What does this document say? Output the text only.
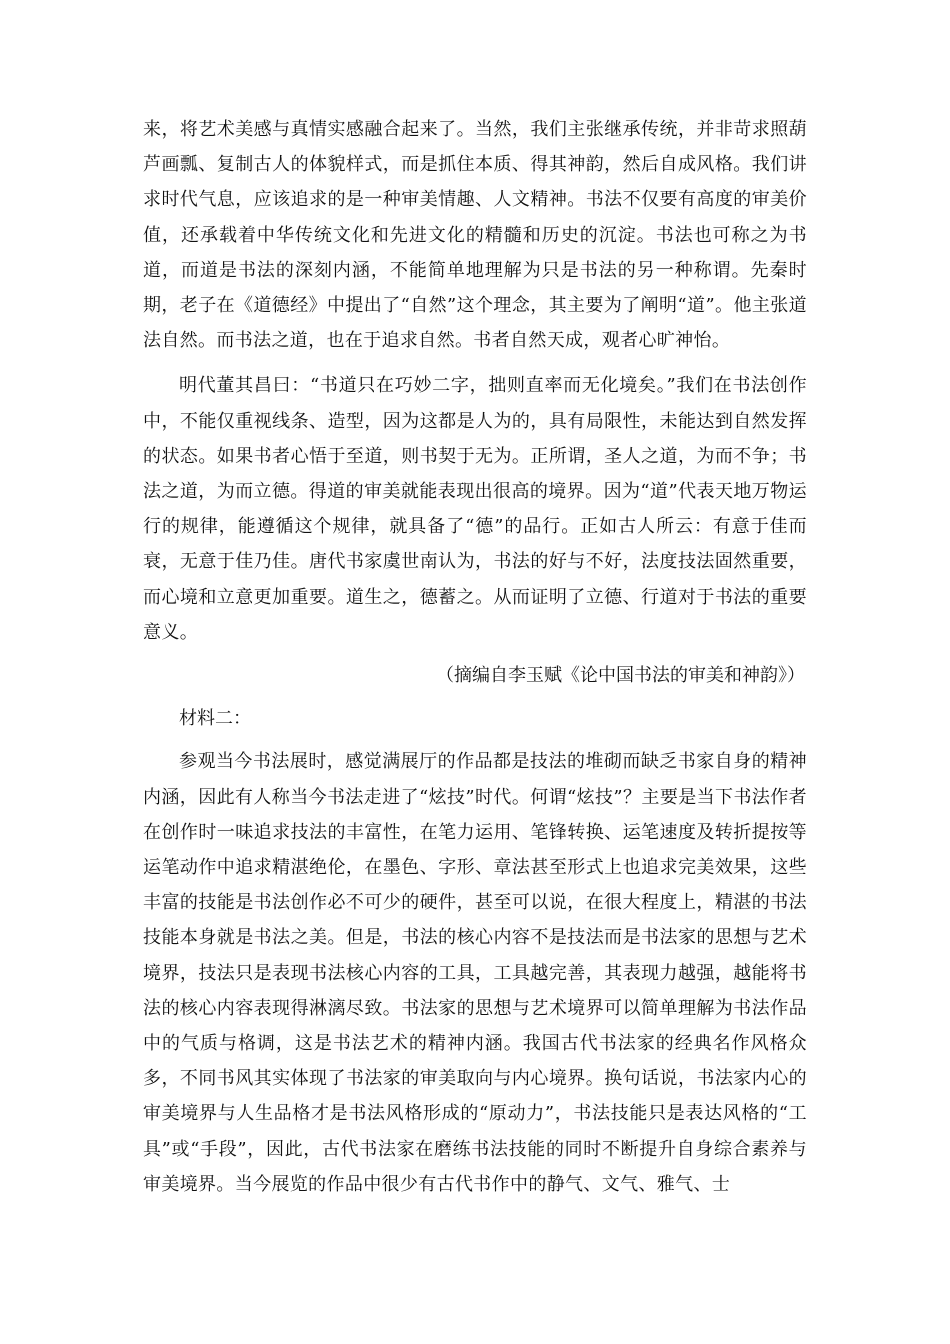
来，将艺术美感与真情实感融合起来了。当然，我们主张继承传统，并非苛求照葫芦画瓢、复制古人的体貌样式，而是抓住本质、得其神韵，然后自成风格。我们讲求时代气息，应该追求的是一种审美情趣、人文精神。书法不仅要有高度的审美价值，还承载着中华传统文化和先进文化的精髓和历史的沉淀。书法也可称之为书道，而道是书法的深刻内涵，不能简单地理解为只是书法的另一种称谓。先秦时期，老子在《道德经》中提出了“自然”这个理念，其主要为了阐明“道”。他主张道法自然。而书法之道，也在于追求自然。书者自然天成，观者心旷神怡。

明代董其昌曰：“书道只在巧妙二字，拙则直率而无化境矣。”我们在书法创作中，不能仅重视线条、造型，因为这都是人为的，具有局限性，未能达到自然发挥的状态。如果书者心悟于至道，则书契于无为。正所谓，圣人之道，为而不争；书法之道，为而立德。得道的审美就能表现出很高的境界。因为“道”代表天地万物运行的规律，能遵循这个规律，就具备了“德”的品行。正如古人所云：有意于佳而衰，无意于佳乃佳。唐代书家虞世南认为，书法的好与不好，法度技法固然重要，而心境和立意更加重要。道生之，德蓄之。从而证明了立德、行道对于书法的重要意义。

（摘编自李玉赋《论中国书法的审美和神韵》）

材料二：

参观当今书法展时，感觉满展厅的作品都是技法的堆砌而缺乏书家自身的精神内涵，因此有人称当今书法走进了“炫技”时代。何谓“炫技”？主要是当下书法作者在创作时一味追求技法的丰富性，在笔力运用、笔锋转换、运笔速度及转折提按等运笔动作中追求精湛绝伦，在墨色、字形、章法甚至形式上也追求完美效果，这些丰富的技能是书法创作必不可少的硬件，甚至可以说，在很大程度上，精湛的书法技能本身就是书法之美。但是，书法的核心内容不是技法而是书法家的思想与艺术境界，技法只是表现书法核心内容的工具，工具越完善，其表现力越强，越能将书法的核心内容表现得淋漓尽致。书法家的思想与艺术境界可以简单理解为书法作品中的气质与格调，这是书法艺术的精神内涵。我国古代书法家的经典名作风格众多，不同书风其实体现了书法家的审美取向与内心境界。换句话说，书法家内心的审美境界与人生品格才是书法风格形成的“原动力”，书法技能只是表达风格的“工具”或“手段”，因此，古代书法家在磨练书法技能的同时不断提升自身综合素养与审美境界。当今展览的作品中很少有古代书作中的静气、文气、雅气、士
